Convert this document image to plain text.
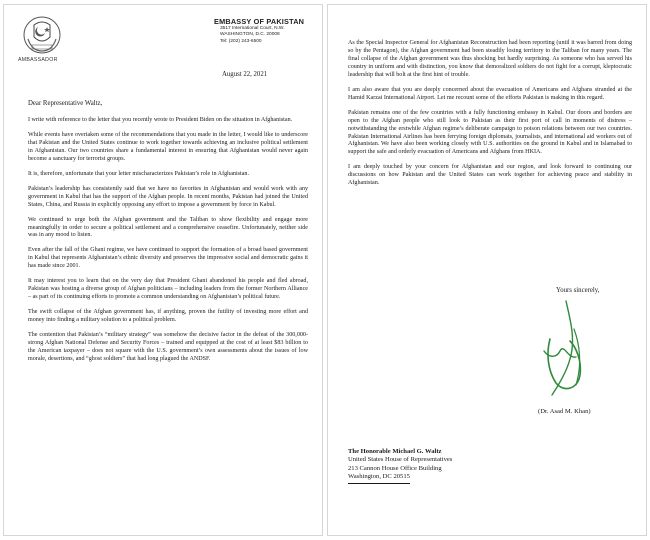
AMBASSADOR
EMBASSY OF PAKISTAN
3517 International Court, N.W.
WASHINGTON, D.C. 20008
Tel: (202) 243-6500
August 22, 2021
Dear Representative Waltz,

I write with reference to the letter that you recently wrote to President Biden on the situation in Afghanistan.

While events have overtaken some of the recommendations that you made in the letter, I would like to underscore that Pakistan and the United States continue to work together towards achieving an inclusive political settlement in Afghanistan. Our two countries share a fundamental interest in ensuring that Afghanistan would never again become a sanctuary for terrorist groups.

It is, therefore, unfortunate that your letter mischaracterizes Pakistan’s role in Afghanistan.

Pakistan’s leadership has consistently said that we have no favorites in Afghanistan and would work with any government in Kabul that has the support of the Afghan people. In recent months, Pakistan had joined the United States, China, and Russia in explicitly opposing any effort to impose a government by force in Kabul.

We continued to urge both the Afghan government and the Taliban to show flexibility and engage more meaningfully in order to secure a political settlement and a comprehensive ceasefire. Unfortunately, neither side was in any mood to listen.

Even after the fall of the Ghani regime, we have continued to support the formation of a broad based government in Kabul that represents Afghanistan’s ethnic diversity and preserves the impressive social and democratic gains it has made since 2001.

It may interest you to learn that on the very day that President Ghani abandoned his people and fled abroad, Pakistan was hosting a diverse group of Afghan politicians – including leaders from the former Northern Alliance – as part of its continuing efforts to promote a common understanding on Afghanistan’s political future.

The swift collapse of the Afghan government has, if anything, proven the futility of investing more effort and money into finding a military solution to a political problem.

The contention that Pakistan’s “military strategy” was somehow the decisive factor in the defeat of the 300,000-strong Afghan National Defense and Security Forces – trained and equipped at the cost of at least $83 billion to the American taxpayer – does not square with the U.S. government’s own assessments about the issues of low morale, desertions, and “ghost soldiers” that had long plagued the ANDSF.

As the Special Inspector General for Afghanistan Reconstruction had been reporting (until it was barred from doing so by the Pentagon), the Afghan government had been steadily losing territory to the Taliban for many years. The final collapse of the Afghan government was thus shocking but hardly surprising. As someone who has served his country in uniform and with distinction, you know that demoralized soldiers do not fight for a corrupt, kleptocratic leadership that will bolt at the first hint of trouble.

I am also aware that you are deeply concerned about the evacuation of Americans and Afghans stranded at the Hamid Karzai International Airport. Let me recount some of the efforts Pakistan is making in this regard.

Pakistan remains one of the few countries with a fully functioning embassy in Kabul. Our doors and borders are open to the Afghan people who still look to Pakistan as their first port of call in moments of distress – notwithstanding the erstwhile Afghan regime’s deliberate campaign to poison relations between our two countries. Pakistan International Airlines has been ferrying foreign diplomats, journalists, and international aid workers out of Afghanistan. We have also been working closely with U.S. authorities on the ground in Kabul and in Islamabad to support the safe and orderly evacuation of Americans and Afghans from HKIA.

I am deeply touched by your concern for Afghanistan and our region, and look forward to continuing our discussions on how Pakistan and the United States can work together for achieving peace and stability in Afghanistan.

Yours sincerely,
(Dr. Asad M. Khan)
The Honorable Michael G. Waltz
United States House of Representatives
213 Cannon House Office Building
Washington, DC 20515
